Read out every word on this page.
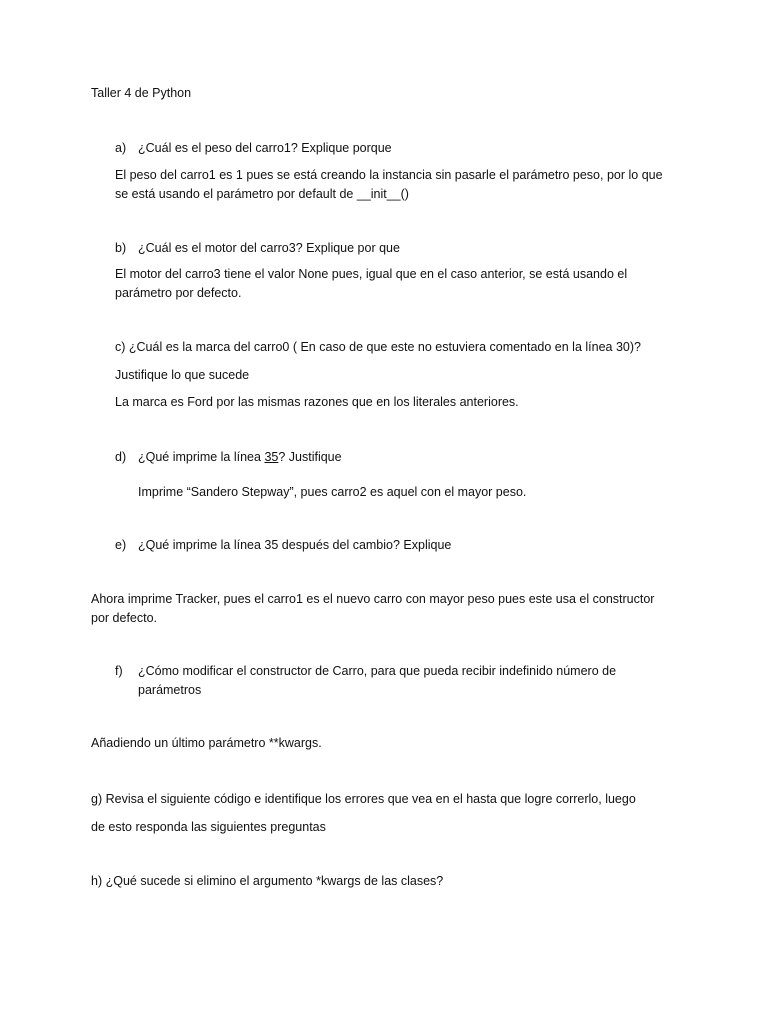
Taller 4 de Python
a) ¿Cuál es el peso del carro1? Explique porque
El peso del carro1 es 1 pues se está creando la instancia sin pasarle el parámetro peso, por lo que
se está usando el parámetro por default de __init__()
b) ¿Cuál es el motor del carro3? Explique por que
El motor del carro3 tiene el valor None pues, igual que en el caso anterior, se está usando el
parámetro por defecto.
c) ¿Cuál es la marca del carro0 ( En caso de que este no estuviera comentado en la línea 30)?
Justifique lo que sucede
La marca es Ford por las mismas razones que en los literales anteriores.
d) ¿Qué imprime la línea 35? Justifique
Imprime “Sandero Stepway”, pues carro2 es aquel con el mayor peso.
e) ¿Qué imprime la línea 35 después del cambio? Explique
Ahora imprime Tracker, pues el carro1 es el nuevo carro con mayor peso pues este usa el constructor
por defecto.
f) ¿Cómo modificar el constructor de Carro, para que pueda recibir indefinido número de
parámetros
Añadiendo un último parámetro **kwargs.
g) Revisa el siguiente código e identifique los errores que vea en el hasta que logre correrlo, luego
de esto responda las siguientes preguntas
h) ¿Qué sucede si elimino el argumento *kwargs de las clases?
